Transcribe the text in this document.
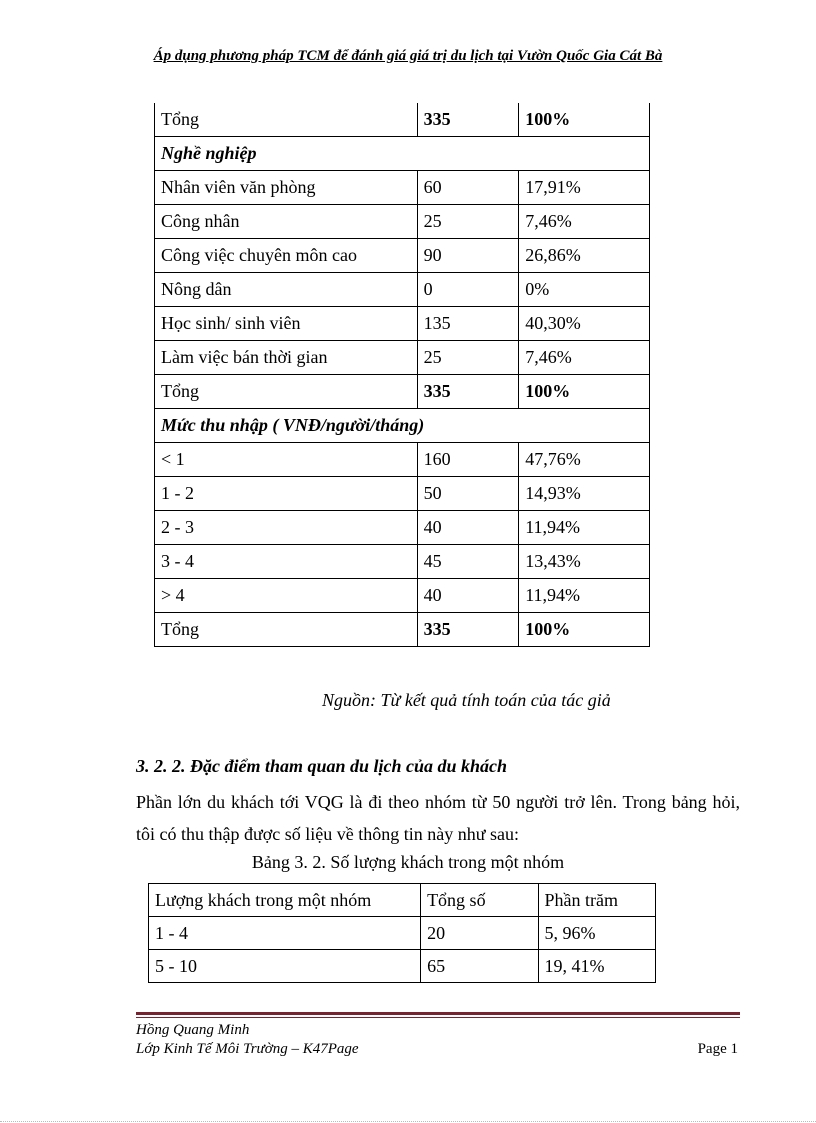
Áp dụng phương pháp TCM để đánh giá giá trị du lịch tại Vườn Quốc Gia Cát Bà
Tổng	335	100%
Nghề nghiệp		
Nhân viên văn phòng	60	17,91%
Công nhân	25	7,46%
Công việc chuyên môn cao	90	26,86%
Nông dân	0	0%
Học sinh/ sinh viên	135	40,30%
Làm việc bán thời gian	25	7,46%
Tổng	335	100%
Mức thu nhập ( VNĐ/người/tháng)		
< 1	160	47,76%
1 - 2	50	14,93%
2 - 3	40	11,94%
3 - 4	45	13,43%
> 4	40	11,94%
Tổng	335	100%
Nguồn: Từ kết quả tính toán của tác giả
3. 2. 2. Đặc điểm tham quan du lịch của du khách

Phần lớn du khách tới VQG là đi theo nhóm từ 50 người trở lên. Trong bảng hỏi, tôi có thu thập được số liệu về thông tin này như sau:

Bảng 3. 2. Số lượng khách trong một nhóm
Lượng khách trong một nhóm	Tổng số	Phần trăm
1 - 4	20	5, 96%
5 - 10	65	19, 41%
Hồng Quang Minh
Lớp Kinh Tế Môi Trường – K47Page	Page 1
